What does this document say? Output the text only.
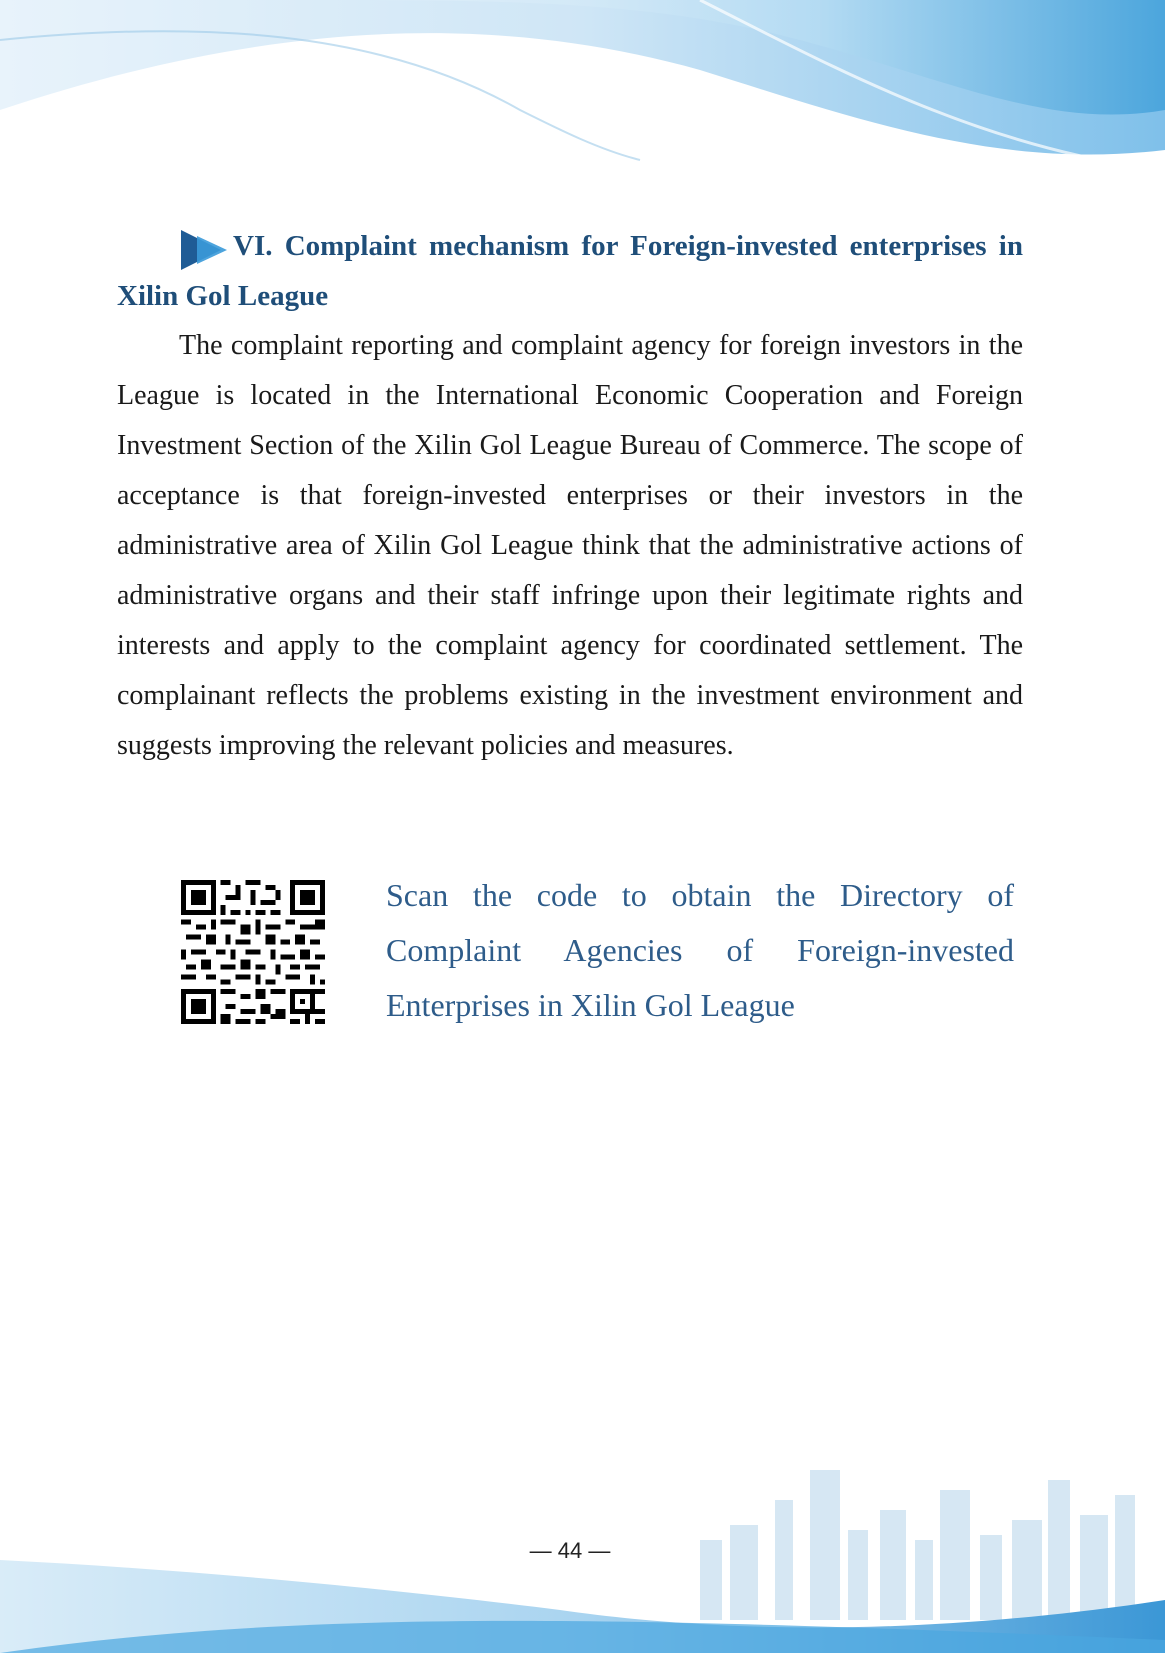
VI. Complaint mechanism for Foreign-invested enterprises in Xilin Gol League

The complaint reporting and complaint agency for foreign investors in the League is located in the International Economic Cooperation and Foreign Investment Section of the Xilin Gol League Bureau of Commerce. The scope of acceptance is that foreign-invested enterprises or their investors in the administrative area of Xilin Gol League think that the administrative actions of administrative organs and their staff infringe upon their legitimate rights and interests and apply to the complaint agency for coordinated settlement. The complainant reflects the problems existing in the investment environment and suggests improving the relevant policies and measures.

Scan the code to obtain the Directory of Complaint Agencies of Foreign-invested Enterprises in Xilin Gol League

— 44 —
